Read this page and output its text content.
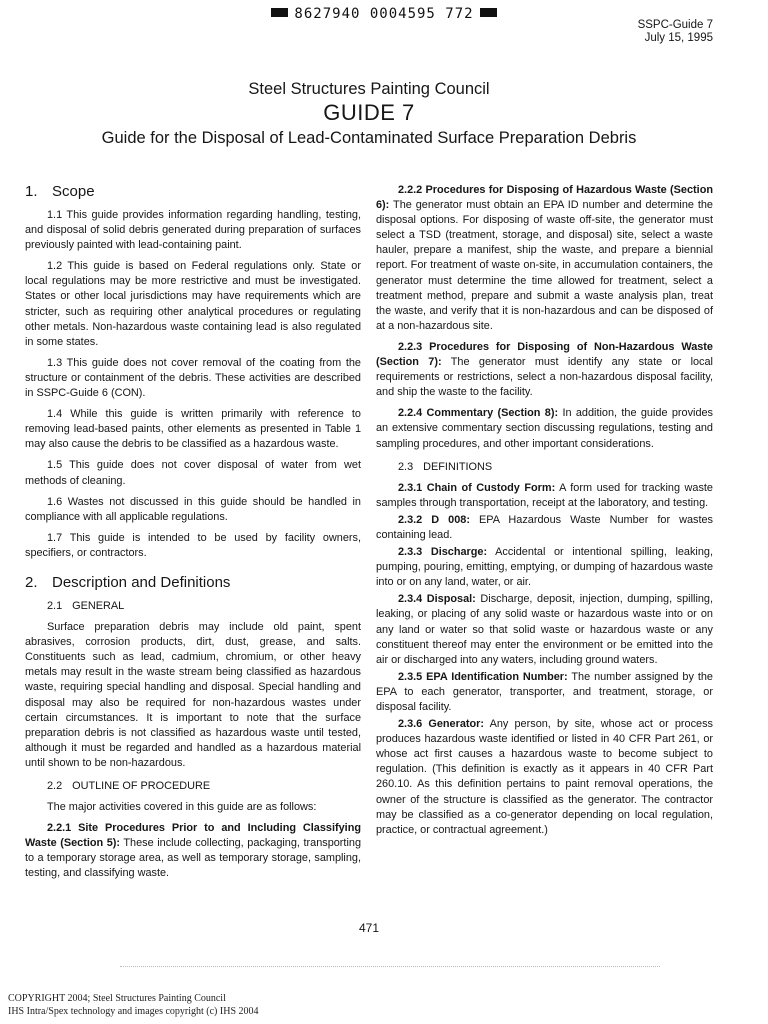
8627940 0004595 772
SSPC-Guide 7
July 15, 1995
Steel Structures Painting Council
GUIDE 7
Guide for the Disposal of Lead-Contaminated Surface Preparation Debris
1. Scope

1.1 This guide provides information regarding handling, testing, and disposal of solid debris generated during preparation of surfaces previously painted with lead-containing paint.

1.2 This guide is based on Federal regulations only. State or local regulations may be more restrictive and must be investigated. States or other local jurisdictions may have requirements which are stricter, such as requiring other analytical procedures or regulating other metals. Non-hazardous waste containing lead is also regulated in some states.

1.3 This guide does not cover removal of the coating from the structure or containment of the debris. These activities are described in SSPC-Guide 6 (CON).

1.4 While this guide is written primarily with reference to removing lead-based paints, other elements as presented in Table 1 may also cause the debris to be classified as a hazardous waste.

1.5 This guide does not cover disposal of water from wet methods of cleaning.

1.6 Wastes not discussed in this guide should be handled in compliance with all applicable regulations.

1.7 This guide is intended to be used by facility owners, specifiers, or contractors.

2. Description and Definitions
2.1 GENERAL

Surface preparation debris may include old paint, spent abrasives, corrosion products, dirt, dust, grease, and salts. Constituents such as lead, cadmium, chromium, or other heavy metals may result in the waste stream being classified as hazardous waste, requiring special handling and disposal. Special handling and disposal may also be required for non-hazardous wastes under certain circumstances. It is important to note that the surface preparation debris is not classified as hazardous waste until tested, although it must be regarded and handled as a hazardous material until shown to be non-hazardous.

2.2 OUTLINE OF PROCEDURE

The major activities covered in this guide are as follows:

2.2.1 Site Procedures Prior to and Including Classifying Waste (Section 5): These include collecting, packaging, transporting to a temporary storage area, as well as temporary storage, sampling, testing, and classifying waste.

2.2.2 Procedures for Disposing of Hazardous Waste (Section 6): The generator must obtain an EPA ID number and determine the disposal options. For disposing of waste off-site, the generator must select a TSD (treatment, storage, and disposal) site, select a waste hauler, prepare a manifest, ship the waste, and prepare a biennial report. For treatment of waste on-site, in accumulation containers, the generator must determine the time allowed for treatment, select a treatment method, prepare and submit a waste analysis plan, treat the waste, and verify that it is non-hazardous and can be disposed of at a non-hazardous site.

2.2.3 Procedures for Disposing of Non-Hazardous Waste (Section 7): The generator must identify any state or local requirements or restrictions, select a non-hazardous disposal facility, and ship the waste to the facility.

2.2.4 Commentary (Section 8): In addition, the guide provides an extensive commentary section discussing regulations, testing and sampling procedures, and other important considerations.

2.3 DEFINITIONS

2.3.1 Chain of Custody Form: A form used for tracking waste samples through transportation, receipt at the laboratory, and testing.

2.3.2 D 008: EPA Hazardous Waste Number for wastes containing lead.

2.3.3 Discharge: Accidental or intentional spilling, leaking, pumping, pouring, emitting, emptying, or dumping of hazardous waste into or on any land, water, or air.

2.3.4 Disposal: Discharge, deposit, injection, dumping, spilling, leaking, or placing of any solid waste or hazardous waste into or on any land or water so that solid waste or hazardous waste or any constituent thereof may enter the environment or be emitted into the air or discharged into any waters, including ground waters.

2.3.5 EPA Identification Number: The number assigned by the EPA to each generator, transporter, and treatment, storage, or disposal facility.

2.3.6 Generator: Any person, by site, whose act or process produces hazardous waste identified or listed in 40 CFR Part 261, or whose act first causes a hazardous waste to become subject to regulation. (This definition is exactly as it appears in 40 CFR Part 260.10. As this definition pertains to paint removal operations, the owner of the structure is classified as the generator. The contractor may be classified as a co-generator depending on local regulation, practice, or contractual agreement.)

471
COPYRIGHT 2004; Steel Structures Painting Council
IHS Intra/Spex technology and images copyright (c) IHS 2004
